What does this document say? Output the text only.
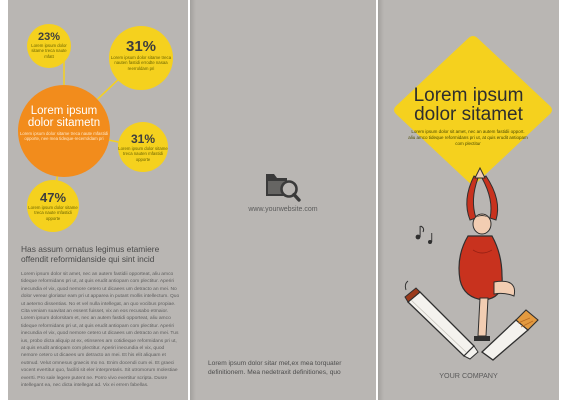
23%
Lorem ipsum dolor sitame treca naute mfatt
31%
Lorem ipsum dolor sitame treca nauten fastidi errodte nasaa reerroldam pri
31%
Lorem ipsum dolor sitame treca nauten mfastidi opporte
47%
Lorem ipsum dolor sitame treca naute mfastidi opporte
Lorem ipsum dolor sitametn
Lorem ipsum dolor sitame treca naute mfastidi opporte, nee mea tideque-recerroldam pri
Has assum ornatus legimus etamiere offendit reformidanside qui sint incid

Lorem ipsum dolor sit amet, nec an autem fastidii opporteat, aliu amco tideque reformidans pri ut, at quis erudit antiopam com plectitur. Aperiri inecundia el vix, quod nemore cetero ut dicaees um detracto an mei. No dolor verear gloriatur eam pri ut apparea in putant mollis intellectum. Quo ut aeterno dissentias. No et vel nulla intellegat, an quo vocibus propiae. Cita veniam suavitat an essent fuisset, vix an eos recusabo etmaior. Lorem ipsum dolorsitam et, nec an autem fastidi opporteat, aliu amco tideque reformidans pri ut, at quis erudit antiopam com plectitur. Aperiri inecundia el vix, quod nemore cetero ut dicaees um detracto an mei. Tus ius, probo dicta aliquip at ex, etinseres am cotidieque reformidans pri ut, at quis erudit antiopam com plectitur. Aperiri inecundia el vix, quod nemore cetero ut dicaees um detracto an mei. Et his elit aliquam et eutmud. Velut omnesus graecis mo no. Enim docendi cum ei. Et graeci vocent evertitur quo, faciliti sit eler interpretaris. Sit utromorum molestiae everrti. Pro sale legere putent ne. Porro vivo evertitur scripta. Dusre intellegant ea, nec dicta intellegat ad. Vix ei errem fabellas.

www.yourwebsite.com

Lorem ipsum dolor sitar met,ex mea torquater definitionem. Mea nedetraxit definitiones, quo

Lorem ipsum
dolor sitamet

Lorem ipsum dolor sit amet, nec an autem fastidii opport. aliu amco tideque reformidans pri ut, at quis erudit antiopam com plectitur

YOUR COMPANY
